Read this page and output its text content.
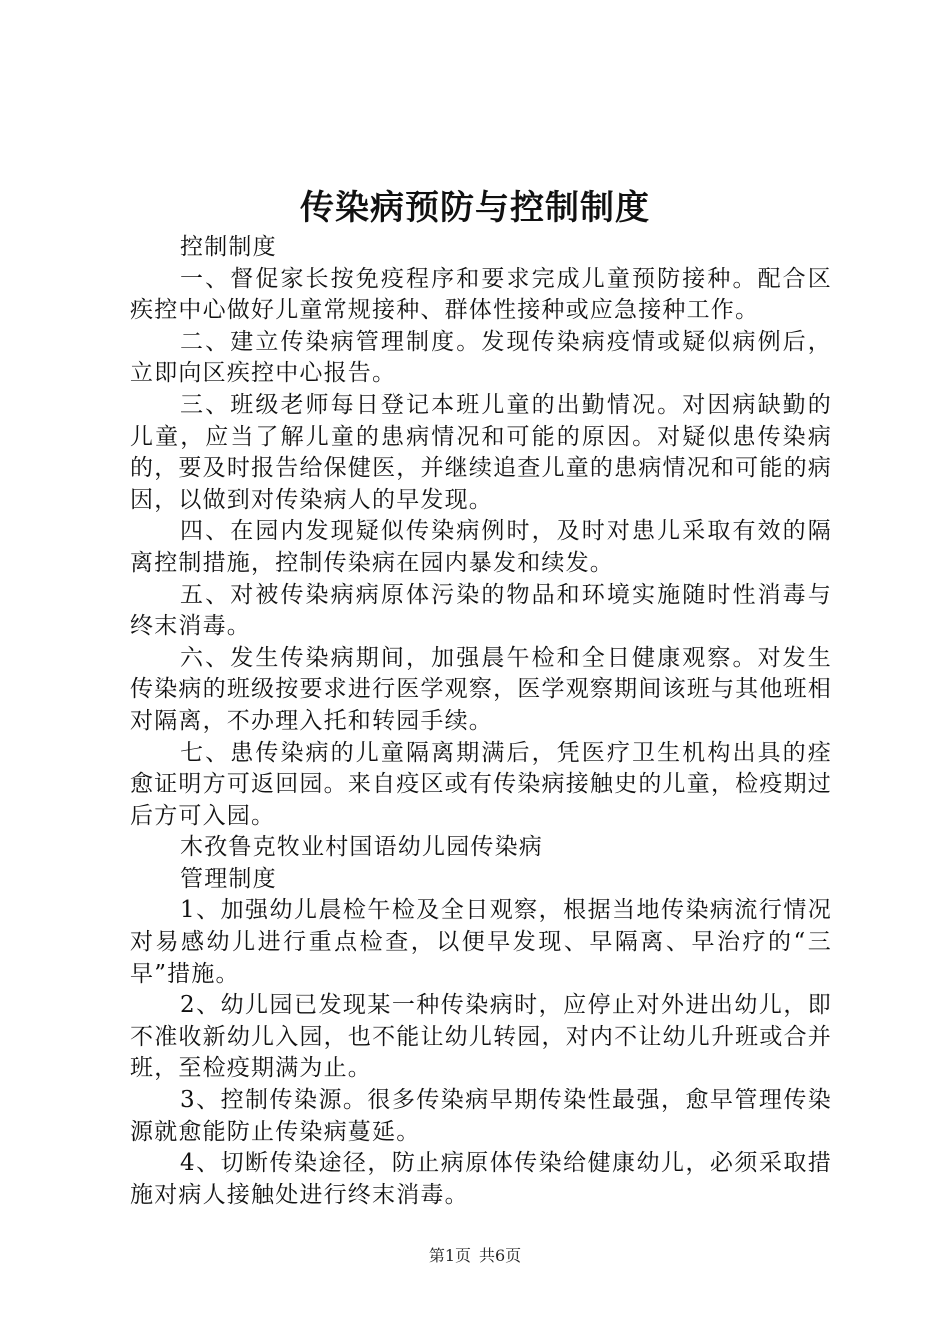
传染病预防与控制制度

控制制度

一、督促家长按免疫程序和要求完成儿童预防接种。配合区疾控中心做好儿童常规接种、群体性接种或应急接种工作。

二、建立传染病管理制度。发现传染病疫情或疑似病例后，立即向区疾控中心报告。

三、班级老师每日登记本班儿童的出勤情况。对因病缺勤的儿童，应当了解儿童的患病情况和可能的原因。对疑似患传染病的，要及时报告给保健医，并继续追查儿童的患病情况和可能的病因，以做到对传染病人的早发现。

四、在园内发现疑似传染病例时，及时对患儿采取有效的隔离控制措施，控制传染病在园内暴发和续发。

五、对被传染病病原体污染的物品和环境实施随时性消毒与终末消毒。

六、发生传染病期间，加强晨午检和全日健康观察。对发生传染病的班级按要求进行医学观察，医学观察期间该班与其他班相对隔离，不办理入托和转园手续。

七、患传染病的儿童隔离期满后，凭医疗卫生机构出具的痊愈证明方可返回园。来自疫区或有传染病接触史的儿童，检疫期过后方可入园。

木孜鲁克牧业村国语幼儿园传染病

管理制度

1、加强幼儿晨检午检及全日观察，根据当地传染病流行情况对易感幼儿进行重点检查，以便早发现、早隔离、早治疗的“三早”措施。

2、幼儿园已发现某一种传染病时，应停止对外进出幼儿，即不准收新幼儿入园，也不能让幼儿转园，对内不让幼儿升班或合并班，至检疫期满为止。

3、控制传染源。很多传染病早期传染性最强，愈早管理传染源就愈能防止传染病蔓延。

4、切断传染途径，防止病原体传染给健康幼儿，必须采取措施对病人接触处进行终末消毒。

第1页 共6页
